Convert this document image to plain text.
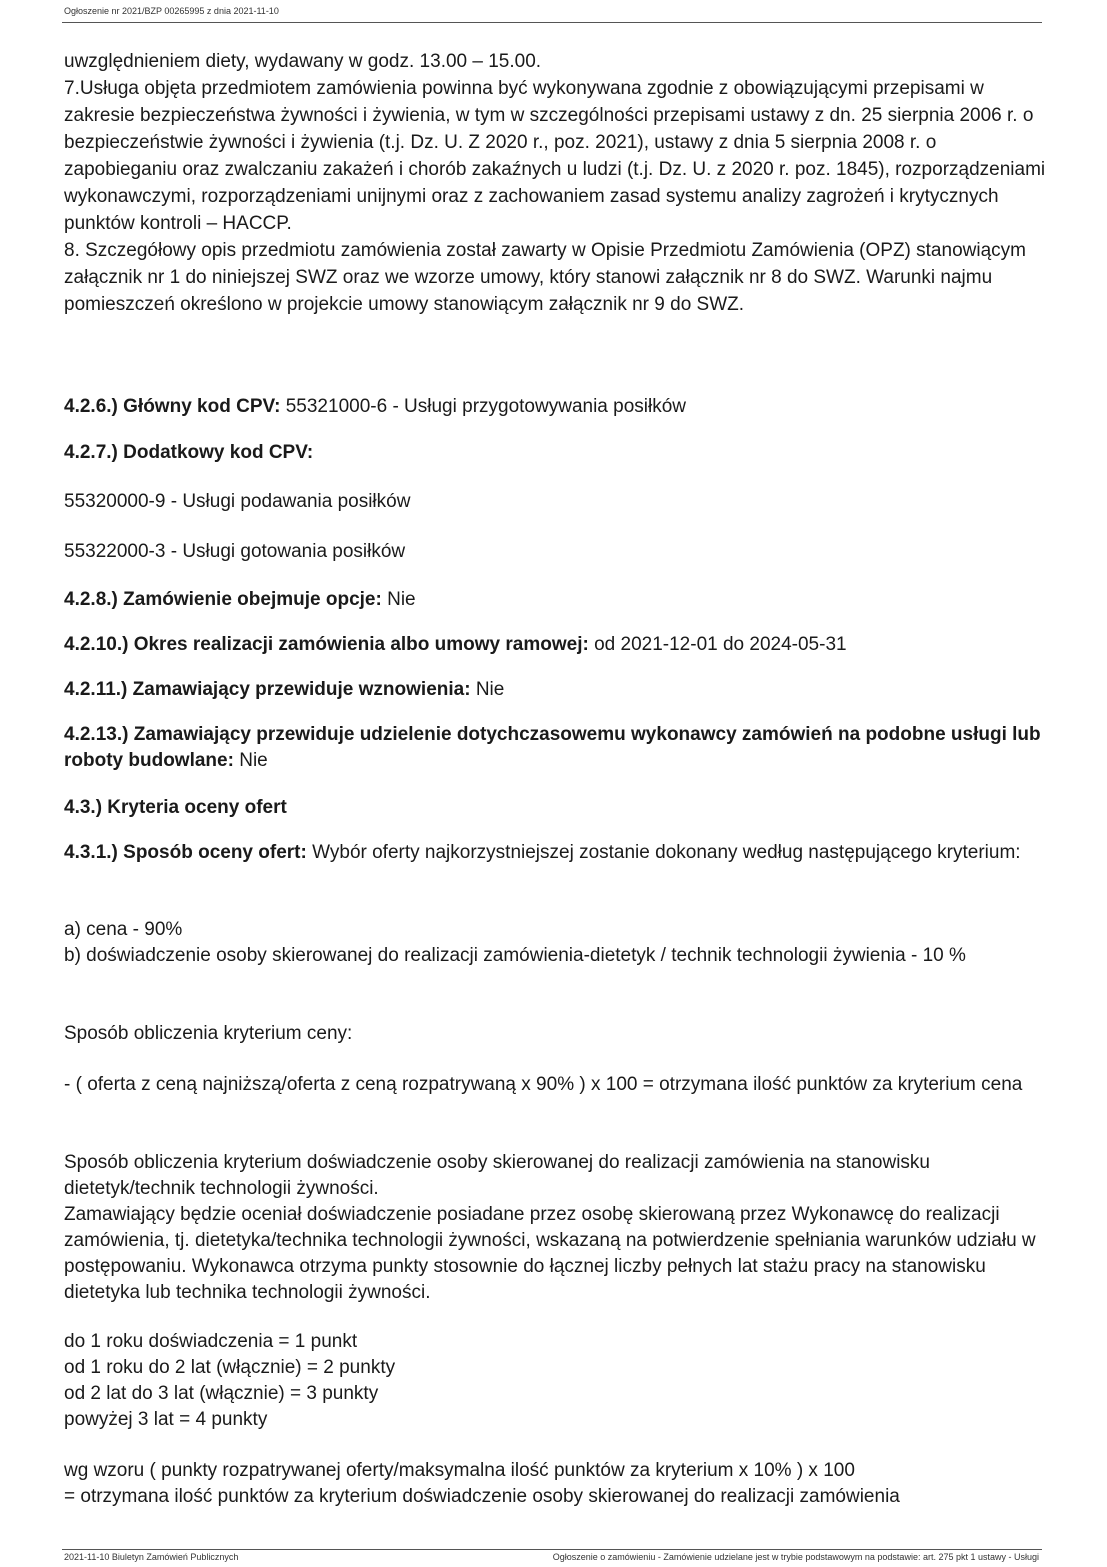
Ogłoszenie nr 2021/BZP 00265995 z dnia 2021-11-10

uwzględnieniem diety, wydawany w godz. 13.00 – 15.00.

7.Usługa objęta przedmiotem zamówienia powinna być wykonywana zgodnie z obowiązującymi przepisami w zakresie bezpieczeństwa żywności i żywienia, w tym w szczególności przepisami ustawy z dn. 25 sierpnia 2006 r. o bezpieczeństwie żywności i żywienia (t.j. Dz. U. Z 2020 r., poz. 2021), ustawy z dnia 5 sierpnia 2008 r. o zapobieganiu oraz zwalczaniu zakażeń i chorób zakaźnych u ludzi (t.j. Dz. U. z 2020 r. poz. 1845), rozporządzeniami wykonawczymi, rozporządzeniami unijnymi oraz z zachowaniem zasad systemu analizy zagrożeń i krytycznych punktów kontroli – HACCP.

8. Szczegółowy opis przedmiotu zamówienia został zawarty w Opisie Przedmiotu Zamówienia (OPZ) stanowiącym załącznik nr 1 do niniejszej SWZ oraz we wzorze umowy, który stanowi załącznik nr 8 do SWZ. Warunki najmu pomieszczeń określono w projekcie umowy stanowiącym załącznik nr 9 do SWZ.

4.2.6.) Główny kod CPV: 55321000-6 - Usługi przygotowywania posiłków
4.2.7.) Dodatkowy kod CPV:
55320000-9 - Usługi podawania posiłków
55322000-3 - Usługi gotowania posiłków
4.2.8.) Zamówienie obejmuje opcje: Nie
4.2.10.) Okres realizacji zamówienia albo umowy ramowej: od 2021-12-01 do 2024-05-31
4.2.11.) Zamawiający przewiduje wznowienia: Nie
4.2.13.) Zamawiający przewiduje udzielenie dotychczasowemu wykonawcy zamówień na podobne usługi lub roboty budowlane: Nie
4.3.) Kryteria oceny ofert
4.3.1.) Sposób oceny ofert: Wybór oferty najkorzystniejszej zostanie dokonany według następującego kryterium:

a) cena - 90%

b) doświadczenie osoby skierowanej do realizacji zamówienia-dietetyk / technik technologii żywienia - 10 %

Sposób obliczenia kryterium ceny:
- ( oferta z ceną najniższą/oferta z ceną rozpatrywaną x 90% ) x 100 = otrzymana ilość punktów za kryterium cena

Sposób obliczenia kryterium doświadczenie osoby skierowanej do realizacji zamówienia na stanowisku dietetyk/technik technologii żywności.

Zamawiający będzie oceniał doświadczenie posiadane przez osobę skierowaną przez Wykonawcę do realizacji zamówienia, tj. dietetyka/technika technologii żywności, wskazaną na potwierdzenie spełniania warunków udziału w postępowaniu. Wykonawca otrzyma punkty stosownie do łącznej liczby pełnych lat stażu pracy na stanowisku dietetyka lub technika technologii żywności.

do 1 roku doświadczenia = 1 punkt

od 1 roku do 2 lat (włącznie) = 2 punkty

od 2 lat do 3 lat (włącznie) = 3 punkty

powyżej 3 lat = 4 punkty

wg wzoru ( punkty rozpatrywanej oferty/maksymalna ilość punktów za kryterium x 10% ) x 100

= otrzymana ilość punktów za kryterium doświadczenie osoby skierowanej do realizacji zamówienia

2021-11-10 Biuletyn Zamówień Publicznych	Ogłoszenie o zamówieniu - Zamówienie udzielane jest w trybie podstawowym na podstawie: art. 275 pkt 1 ustawy - Usługi
